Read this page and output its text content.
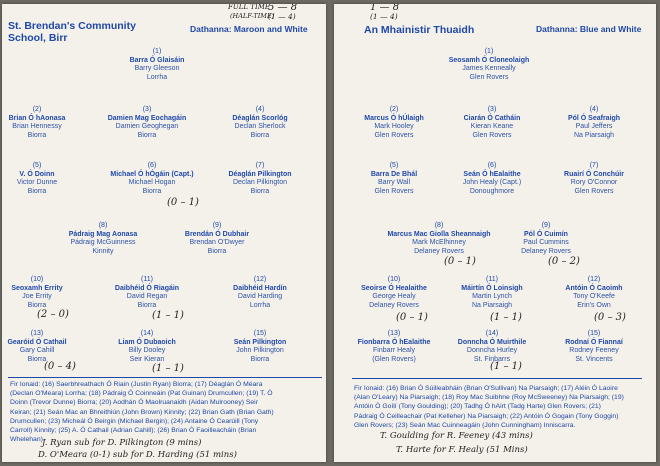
St. Brendan's Community
School, Birr
Dathanna: Maroon and White
FULL TIME
(HALF-TIME)
5 — 8
(1 — 4)
(1)
Barra Ó Glaisáin
Barry Gleeson
Lorrha
(2)
Brian Ó hAonasa
Brian Hennessy
Biorra
(3)
Damien Mag Eochagáin
Damien Geoghegan
Biorra
(4)
Déaglán Scorlóg
Declan Sherlock
Biorra
(5)
V. Ó Doinn
Victor Dunne
Biorra
(6)
Michael Ó hÓgáin (Capt.)
Michael Hogan
Biorra
(0 – 1)
(7)
Déaglán Pilkington
Declan Pilkington
Biorra
(8)
Pádraig Mag Aonasa
Pádraig McGuinness
Kinnity
(9)
Brendán Ó Dubhair
Brendan O'Dwyer
Biorra
(10)
Seoxamh Errity
Joe Errity
Biorra
(2 – 0)
(11)
Daibhéid Ó Riagáin
David Regan
Biorra
(1 – 1)
(12)
Daibhéid Hardín
David Harding
Lorrha
(13)
Gearóid Ó Cathail
Gary Cahill
Biorra
(0 – 4)
(14)
Liam Ó Dubaoich
Billy Dooley
Seir Kieran
(1 – 1)
(15)
Seán Pilkington
John Pilkington
Biorra
Fir Ionaid: (16) Saerbhreathach Ó Riain (Justin Ryan) Biorra; (17) Déaglán Ó Méara
(Declan O'Meara) Lorrha; (18) Pádraig Ó Coinneáin (Pat Guinan) Drumcullen; (19) T. Ó
Doinn (Trevor Dunne) Biorra; (20) Aodhán Ó Maolruanaidh (Aidan Mulrooney) Seir
Keiran; (21) Seán Mac an Bhreithiún (John Brown) Kinnity; (22) Brian Gath (Brian Gath)
Drumcullen; (23) Micheál Ó Beirgin (Michael Bergin); (24) Antaine Ó Cearúill (Tony
Carroll) Kinnity; (25) A. Ó Cathail (Adrian Cahill); (26) Brian Ó Faoilleacháin (Brian
Whelehan).
J. Ryan sub for D. Pilkington (9 mins)
D. O'Meara (0-1) sub for D. Harding (51 mins)
1 — 8
(1 — 4)
An Mhainistir Thuaidh	Dathanna: Blue and White
(1)
Seosamh Ó Cloneolaigh
James Kenneally
Glen Rovers
(2)
Marcus Ó hÚlaigh
Mark Hooley
Glen Rovers
(3)
Ciarán Ó Catháin
Kieran Keane
Glen Rovers
(4)
Pól Ó Seafraigh
Paul Jeffers
Na Piarsaigh
(5)
Barra De Bhál
Barry Wall
Glen Rovers
(6)
Seán Ó hEalaithe
John Healy (Capt.)
Donoughmore
(7)
Ruairí Ó Conchúir
Rory O'Connor
Glen Rovers
(8)
Marcus Mac Giolla Sheannaigh
Mark McElhinney
Delaney Rovers
(0 – 1)
(9)
Pól Ó Cuimín
Paul Cummins
Delaney Rovers
(0 – 2)
(10)
Seoirse Ó Healaithe
George Healy
Delaney Rovers
(0 – 1)
(11)
Máirtín Ó Loinsigh
Martin Lynch
Na Piarsaigh
(1 – 1)
(12)
Antóin Ó Caoimh
Tony O'Keefe
Erin's Own
(0 – 3)
(13)
Fionbarra Ó hEalaithe
Finbarr Healy
(Glen Rovers)
(14)
Donncha Ó Muirthile
Donncha Hurley
St. Finbarrs
(1 – 1)
(15)
Rodnaí Ó Fiannaí
Rodney Feeney
St. Vincents
Fir Ionaid: (16) Brian Ó Súilleabháin (Brian O'Sullivan) Na Piarsaigh; (17) Aléin Ó Laoire
(Alan O'Leary) Na Piarsaigh; (18) Roy Mac Suibhne (Roy McSweeney) Na Piarsaigh; (19)
Antóin Ó Goílí (Tony Goulding); (20) Tadhg Ó hAirt (Tadg Harte) Glen Rovers; (21)
Pádraig Ó Ceilleachair (Pat Kelleher) Na Piarsaigh; (22) Antóin Ó Gogain (Tony Goggin)
Glen Rovers; (23) Seán Mac Cuinneagáin (John Cunningham) Inniscarra.
T. Goulding for R. Feeney (43 mins)
T. Harte for F. Healy (51 Mins)
